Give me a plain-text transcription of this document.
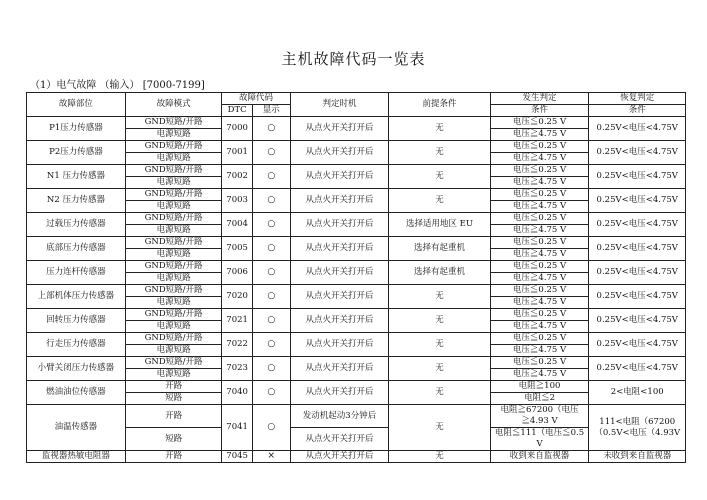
主机故障代码一览表
（1）电气故障 （输入） [7000-7199]
故障部位	故障模式	故障代码		判定时机	前提条件	发生判定	恢复判定
		DTC	显示			条件	条件
P1压力传感器	GND短路/开路	7000	○	从点火开关打开后	无	电压≦0.25 V	0.25V<电压<4.75V
	电源短路					电压≧4.75 V	
P2压力传感器	GND短路/开路	7001	○	从点火开关打开后	无	电压≦0.25 V	0.25V<电压<4.75V
	电源短路					电压≧4.75 V	
N1 压力传感器	GND短路/开路	7002	○	从点火开关打开后	无	电压≦0.25 V	0.25V<电压<4.75V
	电源短路					电压≧4.75 V	
N2 压力传感器	GND短路/开路	7003	○	从点火开关打开后	无	电压≦0.25 V	0.25V<电压<4.75V
	电源短路					电压≧4.75 V	
过载压力传感器	GND短路/开路	7004	○	从点火开关打开后	选择适用地区 EU	电压≦0.25 V	0.25V<电压<4.75V
	电源短路					电压≧4.75 V	
底部压力传感器	GND短路/开路	7005	○	从点火开关打开后	选择有起重机	电压≦0.25 V	0.25V<电压<4.75V
	电源短路					电压≧4.75 V	
压力连杆传感器	GND短路/开路	7006	○	从点火开关打开后	选择有起重机	电压≦0.25 V	0.25V<电压<4.75V
	电源短路					电压≧4.75 V	
上部机体压力传感器	GND短路/开路	7020	○	从点火开关打开后	无	电压≦0.25 V	0.25V<电压<4.75V
	电源短路					电压≧4.75 V	
回转压力传感器	GND短路/开路	7021	○	从点火开关打开后	无	电压≦0.25 V	0.25V<电压<4.75V
	电源短路					电压≧4.75 V	
行走压力传感器	GND短路/开路	7022	○	从点火开关打开后	无	电压≦0.25 V	0.25V<电压<4.75V
	电源短路					电压≧4.75 V	
小臂关闭压力传感器	GND短路/开路	7023	○	从点火开关打开后	无	电压≦0.25 V	0.25V<电压<4.75V
	电源短路					电压≧4.75 V	
燃油油位传感器	开路	7040	○	从点火开关打开后	无	电阻≧100	2<电阻<100
	短路					电阻≦2	
油温传感器	开路	7041	○	发动机起动3分钟后	无	电阻≧67200（电压≧4.93 V	111<电阻（67200（0.5V<电压（4.93V
	短路			从点火开关打开后		电阻≦111（电压≦0.5 V	
监视器热敏电阻器	开路	7045	×	从点火开关打开后	无	收到来自监视器	未收到来自监视器
